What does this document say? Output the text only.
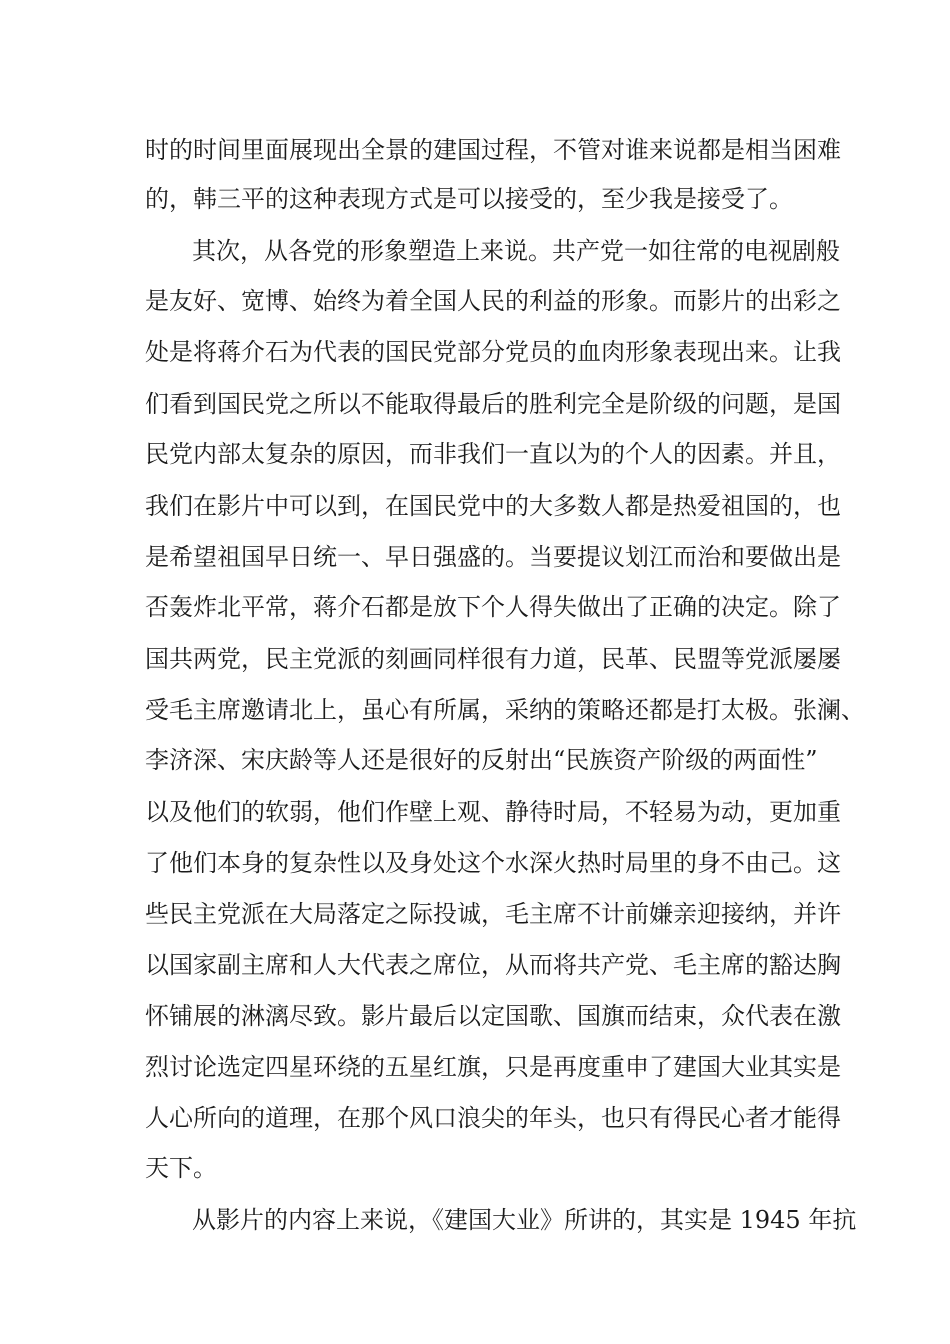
时的时间里面展现出全景的建国过程，不管对谁来说都是相当困难

的，韩三平的这种表现方式是可以接受的，至少我是接受了。

其次，从各党的形象塑造上来说。共产党一如往常的电视剧般

是友好、宽博、始终为着全国人民的利益的形象。而影片的出彩之

处是将蒋介石为代表的国民党部分党员的血肉形象表现出来。让我

们看到国民党之所以不能取得最后的胜利完全是阶级的问题，是国

民党内部太复杂的原因，而非我们一直以为的个人的因素。并且，

我们在影片中可以到，在国民党中的大多数人都是热爱祖国的，也

是希望祖国早日统一、早日强盛的。当要提议划江而治和要做出是

否轰炸北平常，蒋介石都是放下个人得失做出了正确的决定。除了

国共两党，民主党派的刻画同样很有力道，民革、民盟等党派屡屡

受毛主席邀请北上，虽心有所属，采纳的策略还都是打太极。张澜、

李济深、宋庆龄等人还是很好的反射出“民族资产阶级的两面性”

以及他们的软弱，他们作壁上观、静待时局，不轻易为动，更加重

了他们本身的复杂性以及身处这个水深火热时局里的身不由己。这

些民主党派在大局落定之际投诚，毛主席不计前嫌亲迎接纳，并许

以国家副主席和人大代表之席位，从而将共产党、毛主席的豁达胸

怀铺展的淋漓尽致。影片最后以定国歌、国旗而结束，众代表在激

烈讨论选定四星环绕的五星红旗，只是再度重申了建国大业其实是

人心所向的道理，在那个风口浪尖的年头，也只有得民心者才能得

天下。

从影片的内容上来说，《建国大业》所讲的，其实是 1945 年抗
